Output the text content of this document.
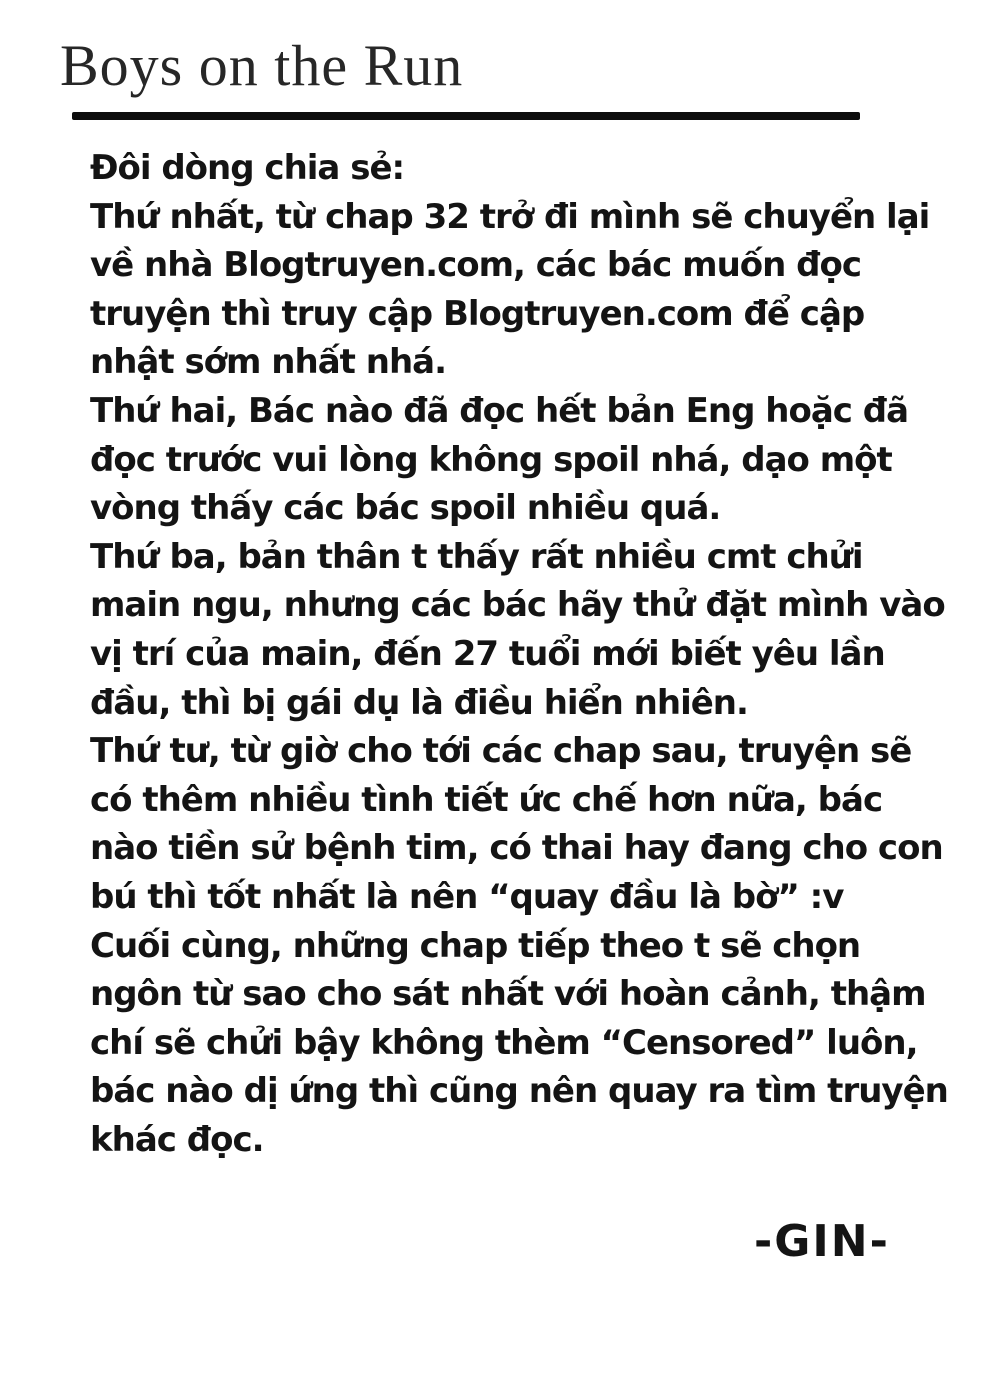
Boys on the Run
Đôi dòng chia sẻ:
Thứ nhất, từ chap 32 trở đi mình sẽ chuyển lại
về nhà Blogtruyen.com, các bác muốn đọc
truyện thì truy cập Blogtruyen.com để cập
nhật sớm nhất nhá.
Thứ hai, Bác nào đã đọc hết bản Eng hoặc đã
đọc trước vui lòng không spoil nhá, dạo một
vòng thấy các bác spoil nhiều quá.
Thứ ba, bản thân t thấy rất nhiều cmt chửi
main ngu, nhưng các bác hãy thử đặt mình vào
vị trí của main, đến 27 tuổi mới biết yêu lần
đầu, thì bị gái dụ là điều hiển nhiên.
Thứ tư, từ giờ cho tới các chap sau, truyện sẽ
có thêm nhiều tình tiết ức chế hơn nữa, bác
nào tiền sử bệnh tim, có thai hay đang cho con
bú thì tốt nhất là nên “quay đầu là bờ” :v
Cuối cùng, những chap tiếp theo t sẽ chọn
ngôn từ sao cho sát nhất với hoàn cảnh, thậm
chí sẽ chửi bậy không thèm “Censored” luôn,
bác nào dị ứng thì cũng nên quay ra tìm truyện
khác đọc.
-GIN-
